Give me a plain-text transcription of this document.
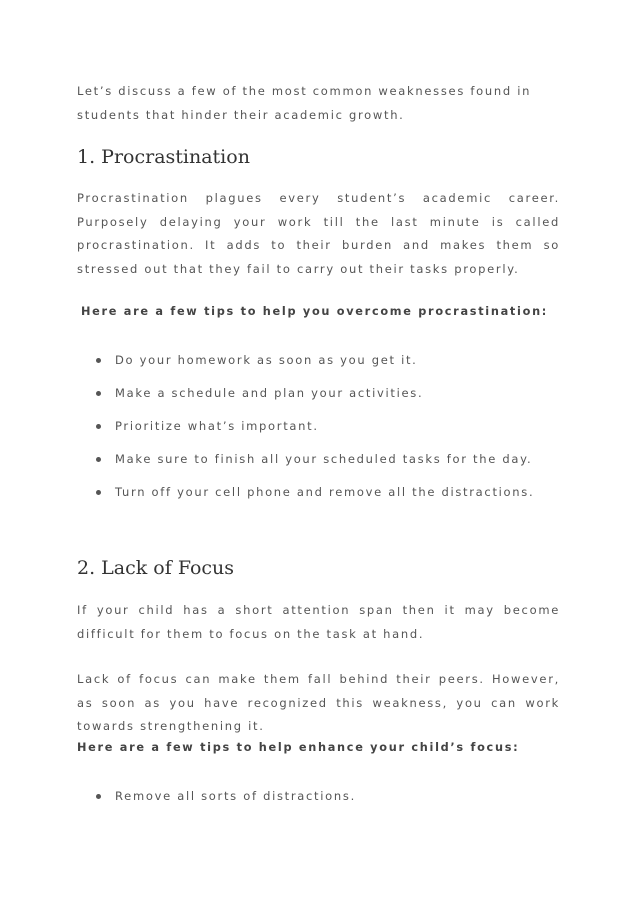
Let’s discuss a few of the most common weaknesses found in students that hinder their academic growth.

1. Procrastination

Procrastination plagues every student’s academic career. Purposely delaying your work till the last minute is called procrastination. It adds to their burden and makes them so stressed out that they fail to carry out their tasks properly.

Here are a few tips to help you overcome procrastination:

Do your homework as soon as you get it.
Make a schedule and plan your activities.
Prioritize what’s important.
Make sure to finish all your scheduled tasks for the day.
Turn off your cell phone and remove all the distractions.
2. Lack of Focus

If your child has a short attention span then it may become difficult for them to focus on the task at hand.

Lack of focus can make them fall behind their peers. However, as soon as you have recognized this weakness, you can work towards strengthening it.

Here are a few tips to help enhance your child’s focus:

Remove all sorts of distractions.
